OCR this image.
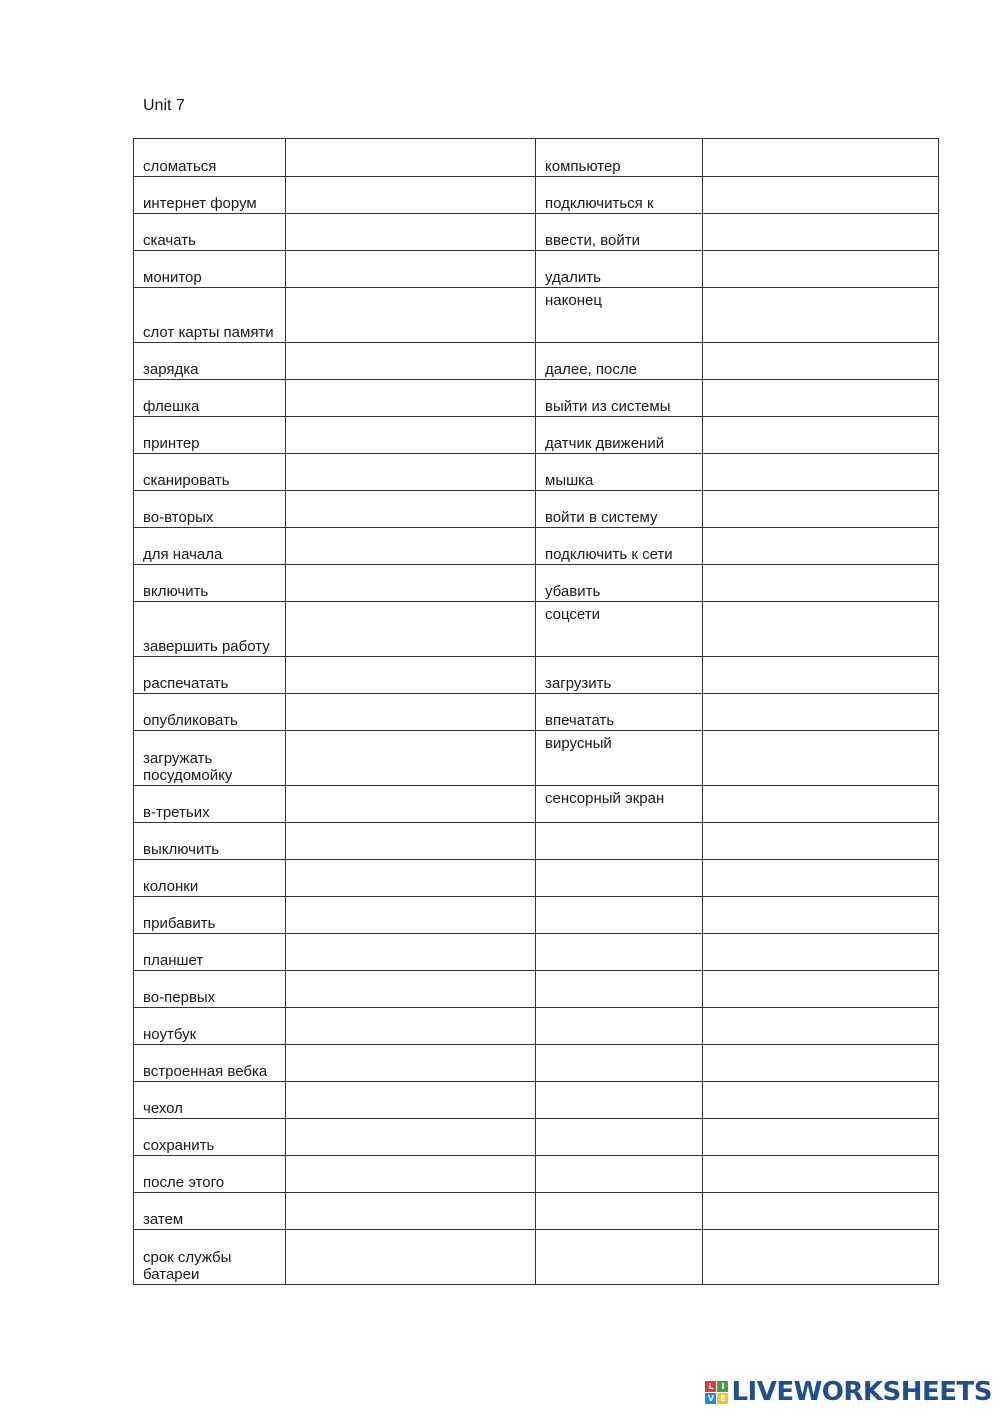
Unit 7
сломаться		компьютер	

интернет форум		подключиться к	

скачать		ввести, войти	

монитор		удалить	

слот карты памяти		наконец	

зарядка		далее, после	

флешка		выйти из системы	

принтер		датчик движений	

сканировать		мышка	

во-вторых		войти в систему	

для начала		подключить к сети	

включить		убавить	

завершить работу		соцсети	

распечатать		загрузить	

опубликовать		впечатать	

загружать посудомойку		вирусный	

в-третьих		сенсорный экран	

выключить			

колонки			

прибавить			

планшет			

во-первых			

ноутбук			

встроенная вебка			

чехол			

сохранить			

после этого			

затем			

срок службы батареи			

L I
V E LIVEWORKSHEETS
